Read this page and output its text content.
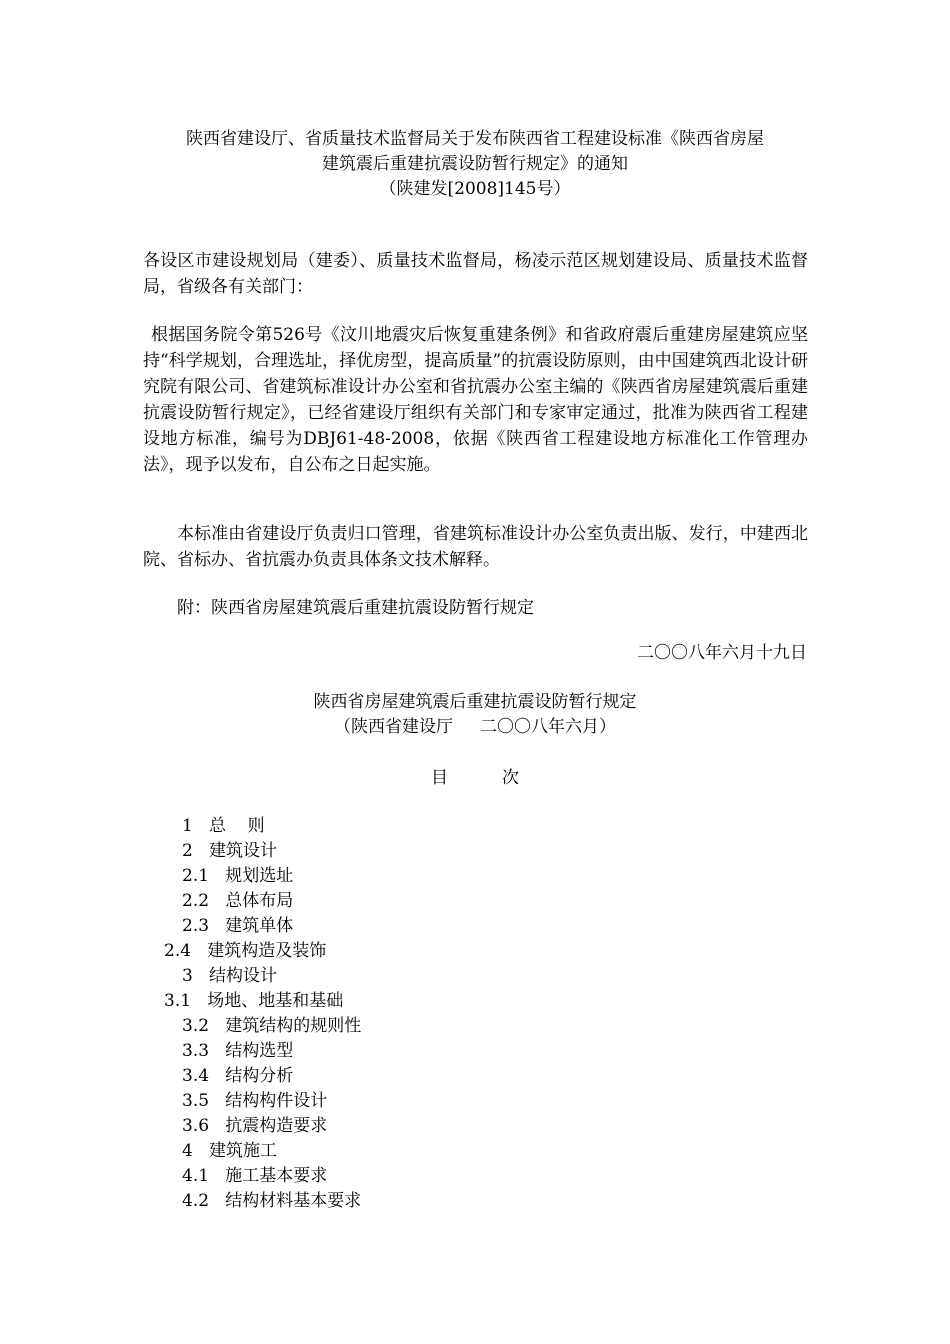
陕西省建设厅、省质量技术监督局关于发布陕西省工程建设标准《陕西省房屋
建筑震后重建抗震设防暂行规定》的通知
（陕建发[2008]145号）
各设区市建设规划局（建委）、质量技术监督局，杨凌示范区规划建设局、质量技术监督局，省级各有关部门：
根据国务院令第526号《汶川地震灾后恢复重建条例》和省政府震后重建房屋建筑应坚持“科学规划，合理选址，择优房型，提高质量”的抗震设防原则，由中国建筑西北设计研究院有限公司、省建筑标准设计办公室和省抗震办公室主编的《陕西省房屋建筑震后重建抗震设防暂行规定》，已经省建设厅组织有关部门和专家审定通过，批准为陕西省工程建设地方标准，编号为DBJ61-48-2008，依据《陕西省工程建设地方标准化工作管理办法》，现予以发布，自公布之日起实施。
本标准由省建设厅负责归口管理，省建筑标准设计办公室负责出版、发行，中建西北院、省标办、省抗震办负责具体条文技术解释。
附：陕西省房屋建筑震后重建抗震设防暂行规定
二〇〇八年六月十九日
陕西省房屋建筑震后重建抗震设防暂行规定
（陕西省建设厅     二〇〇八年六月）
目          次
1   总    则
2   建筑设计
2.1   规划选址
2.2   总体布局
2.3   建筑单体
2.4   建筑构造及装饰
3   结构设计
3.1   场地、地基和基础
3.2   建筑结构的规则性
3.3   结构选型
3.4   结构分析
3.5   结构构件设计
3.6   抗震构造要求
4   建筑施工
4.1   施工基本要求
4.2   结构材料基本要求
